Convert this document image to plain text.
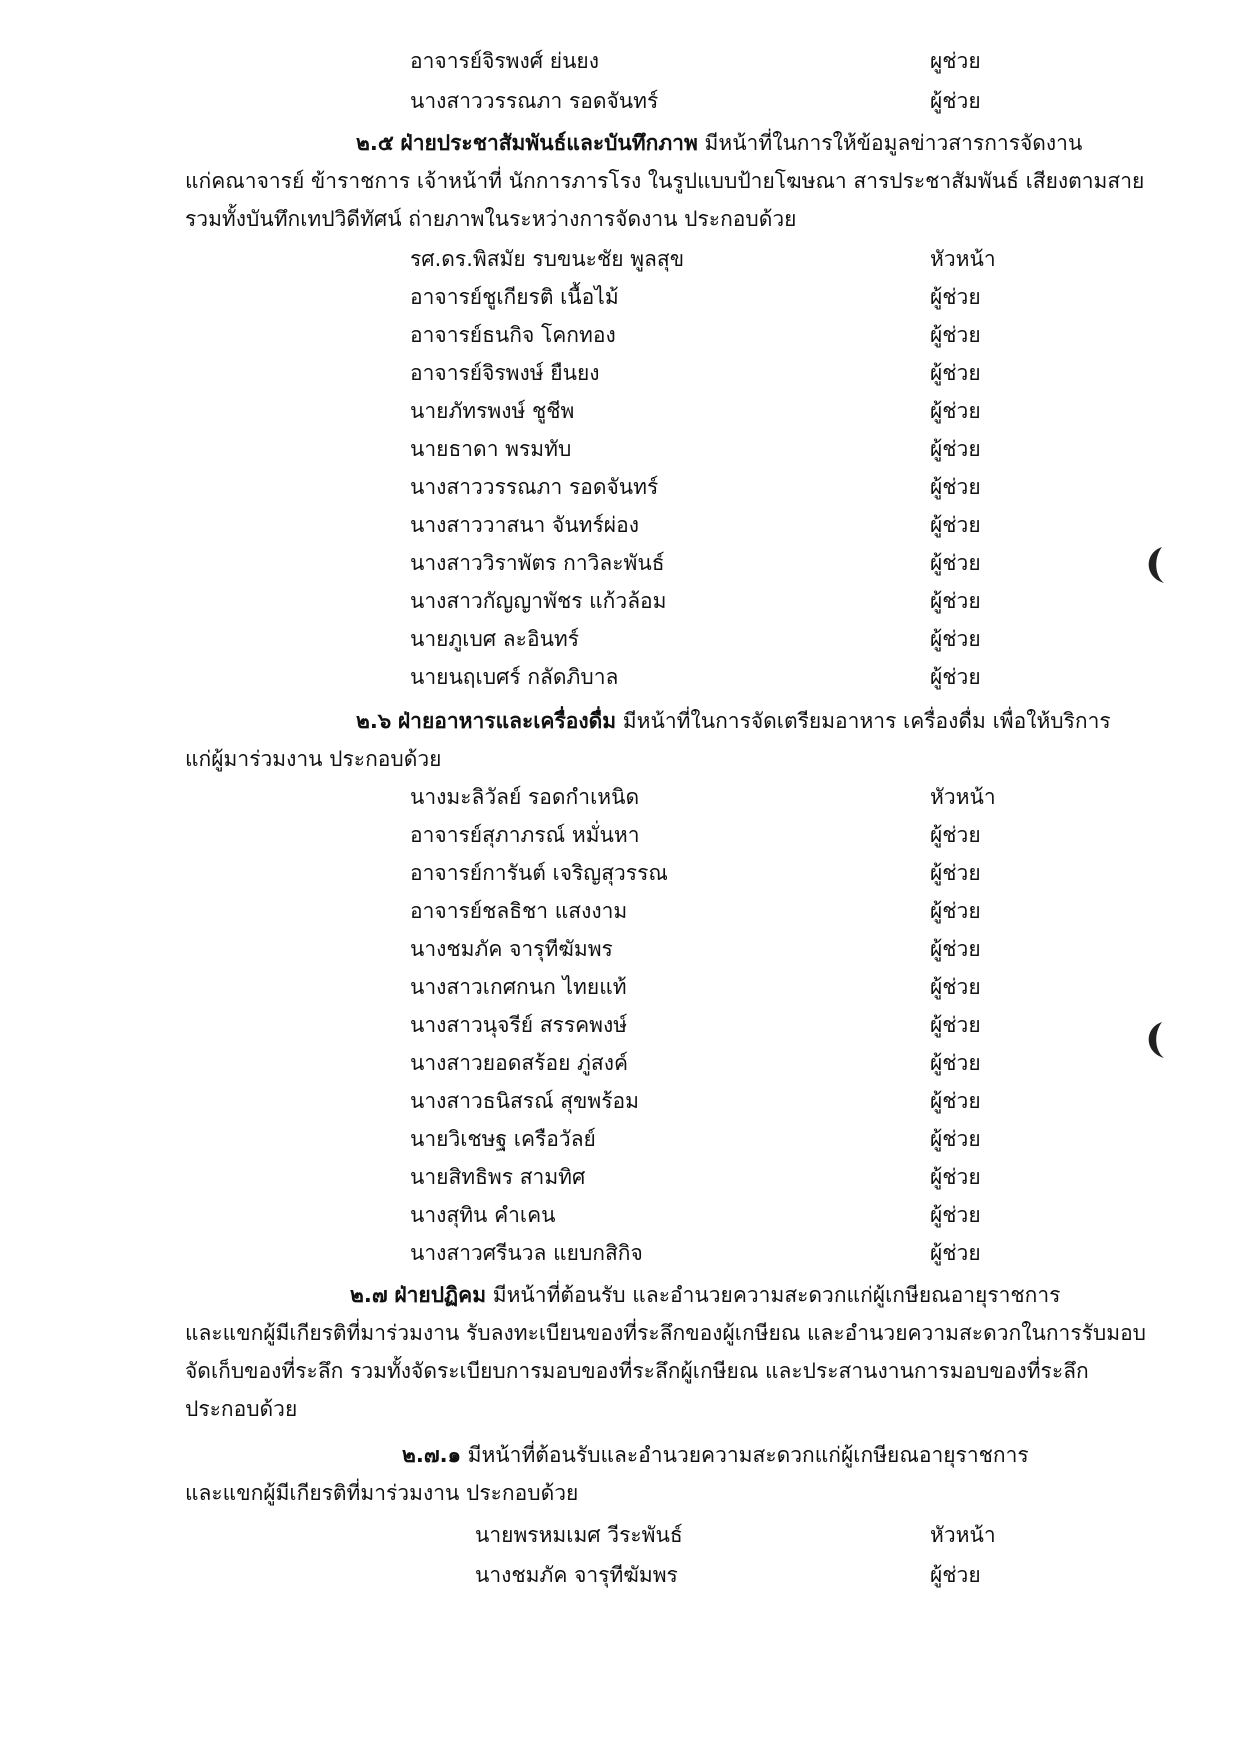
อาจารย์จิรพงศ์ ย่นยง	ผูช่วย
นางสาววรรณภา รอดจันทร์	ผู้ช่วย
๒.๕ ฝ่ายประชาสัมพันธ์และบันทึกภาพ มีหน้าที่ในการให้ข้อมูลข่าวสารการจัดงาน
แก่คณาจารย์ ข้าราชการ เจ้าหน้าที่ นักการภารโรง ในรูปแบบป้ายโฆษณา สารประชาสัมพันธ์ เสียงตามสาย
รวมทั้งบันทึกเทปวิดีทัศน์ ถ่ายภาพในระหว่างการจัดงาน ประกอบด้วย
รศ.ดร.พิสมัย รบขนะชัย พูลสุข	หัวหน้า
อาจารย์ชูเกียรติ เนื้อไม้	ผู้ช่วย
อาจารย์ธนกิจ โคกทอง	ผู้ช่วย
อาจารย์จิรพงษ์ ยืนยง	ผู้ช่วย
นายภัทรพงษ์ ชูชีพ	ผู้ช่วย
นายธาดา พรมทับ	ผู้ช่วย
นางสาววรรณภา รอดจันทร์	ผู้ช่วย
นางสาววาสนา จันทร์ผ่อง	ผู้ช่วย
นางสาววิราพัตร กาวิละพันธ์	ผู้ช่วย
นางสาวกัญญาพัชร แก้วล้อม	ผู้ช่วย
นายภูเบศ ละอินทร์	ผู้ช่วย
นายนฤเบศร์ กลัดภิบาล	ผู้ช่วย
๒.๖ ฝ่ายอาหารและเครื่องดื่ม มีหน้าที่ในการจัดเตรียมอาหาร เครื่องดื่ม เพื่อให้บริการ
แก่ผู้มาร่วมงาน ประกอบด้วย
นางมะลิวัลย์ รอดกำเหนิด	หัวหน้า
อาจารย์สุภาภรณ์ หมั่นหา	ผู้ช่วย
อาจารย์การันต์ เจริญสุวรรณ	ผู้ช่วย
อาจารย์ชลธิชา แสงงาม	ผู้ช่วย
นางชมภัค จารุทีฆัมพร	ผู้ช่วย
นางสาวเกศกนก ไทยแท้	ผู้ช่วย
นางสาวนุจรีย์ สรรคพงษ์	ผู้ช่วย
นางสาวยอดสร้อย ภู่สงค์	ผู้ช่วย
นางสาวธนิสรณ์ สุขพร้อม	ผู้ช่วย
นายวิเชษฐ เครือวัลย์	ผู้ช่วย
นายสิทธิพร สามทิศ	ผู้ช่วย
นางสุทิน คำเคน	ผู้ช่วย
นางสาวศรีนวล แยบกสิกิจ	ผู้ช่วย
๒.๗ ฝ่ายปฏิคม มีหน้าที่ต้อนรับ และอำนวยความสะดวกแก่ผู้เกษียณอายุราชการ
และแขกผู้มีเกียรติที่มาร่วมงาน รับลงทะเบียนของที่ระลึกของผู้เกษียณ และอำนวยความสะดวกในการรับมอบ
จัดเก็บของที่ระลึก รวมทั้งจัดระเบียบการมอบของที่ระลึกผู้เกษียณ และประสานงานการมอบของที่ระลึก
ประกอบด้วย
๒.๗.๑ มีหน้าที่ต้อนรับและอำนวยความสะดวกแก่ผู้เกษียณอายุราชการ
และแขกผู้มีเกียรติที่มาร่วมงาน ประกอบด้วย
นายพรหมเมศ วีระพันธ์	หัวหน้า
นางชมภัค จารุทีฆัมพร	ผู้ช่วย
